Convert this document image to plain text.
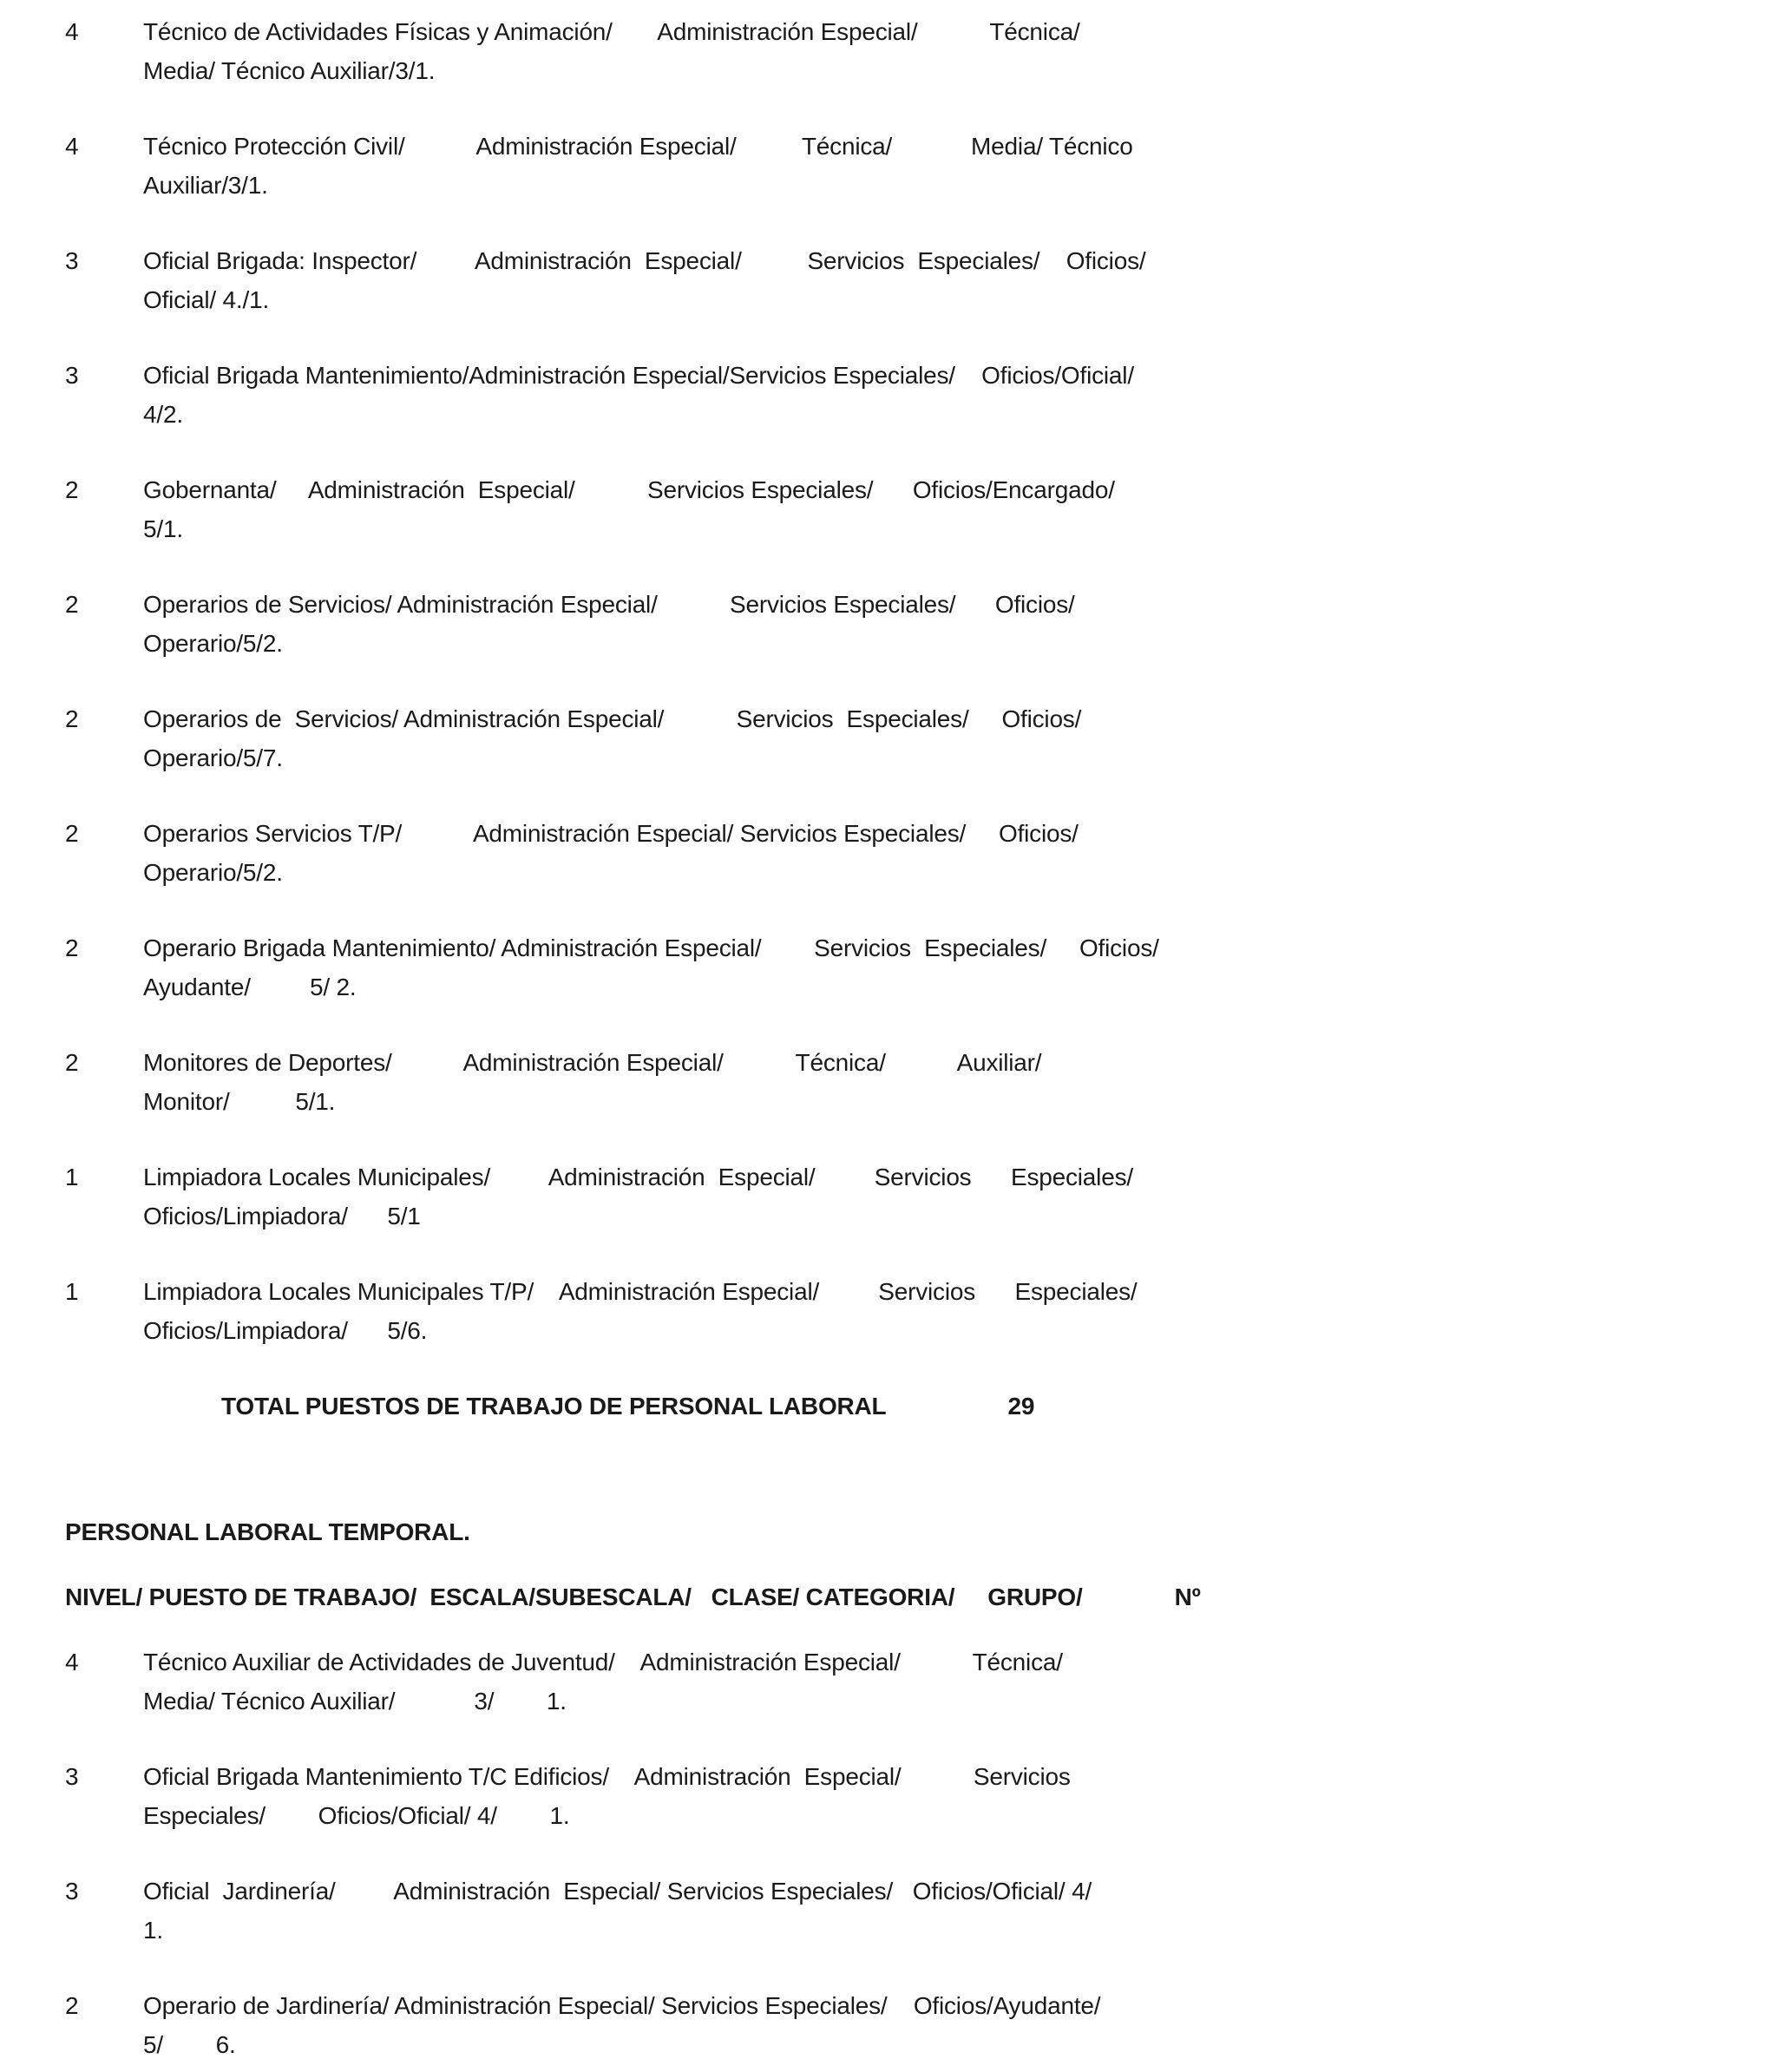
4	Técnico de Actividades Físicas y Animación/       Administración Especial/           Técnica/
Media/ Técnico Auxiliar/3/1.
4	Técnico Protección Civil/           Administración Especial/          Técnica/            Media/ Técnico
Auxiliar/3/1.
3	Oficial Brigada: Inspector/         Administración  Especial/          Servicios  Especiales/    Oficios/
Oficial/ 4./1.
3	Oficial Brigada Mantenimiento/Administración Especial/Servicios Especiales/    Oficios/Oficial/
4/2.
2	Gobernanta/     Administración  Especial/           Servicios Especiales/      Oficios/Encargado/
5/1.
2	Operarios de Servicios/ Administración Especial/           Servicios Especiales/      Oficios/
Operario/5/2.
2	Operarios de  Servicios/ Administración Especial/           Servicios  Especiales/     Oficios/
Operario/5/7.
2	Operarios Servicios T/P/           Administración Especial/ Servicios Especiales/     Oficios/
Operario/5/2.
2	Operario Brigada Mantenimiento/ Administración Especial/        Servicios  Especiales/     Oficios/
Ayudante/         5/ 2.
2	Monitores de Deportes/           Administración Especial/           Técnica/           Auxiliar/
Monitor/          5/1.
1	Limpiadora Locales Municipales/         Administración  Especial/         Servicios      Especiales/
Oficios/Limpiadora/      5/1
1	Limpiadora Locales Municipales T/P/    Administración Especial/         Servicios      Especiales/
Oficios/Limpiadora/      5/6.
TOTAL PUESTOS DE TRABAJO DE PERSONAL LABORAL	29
PERSONAL LABORAL TEMPORAL.
NIVEL/ PUESTO DE TRABAJO/  ESCALA/SUBESCALA/   CLASE/ CATEGORIA/     GRUPO/              Nº
4	Técnico Auxiliar de Actividades de Juventud/    Administración Especial/           Técnica/
Media/ Técnico Auxiliar/            3/        1.
3	Oficial Brigada Mantenimiento T/C Edificios/    Administración  Especial/           Servicios
Especiales/        Oficios/Oficial/ 4/        1.
3	Oficial  Jardinería/         Administración  Especial/ Servicios Especiales/   Oficios/Oficial/ 4/
1.
2	Operario de Jardinería/ Administración Especial/ Servicios Especiales/    Oficios/Ayudante/
5/        6.
